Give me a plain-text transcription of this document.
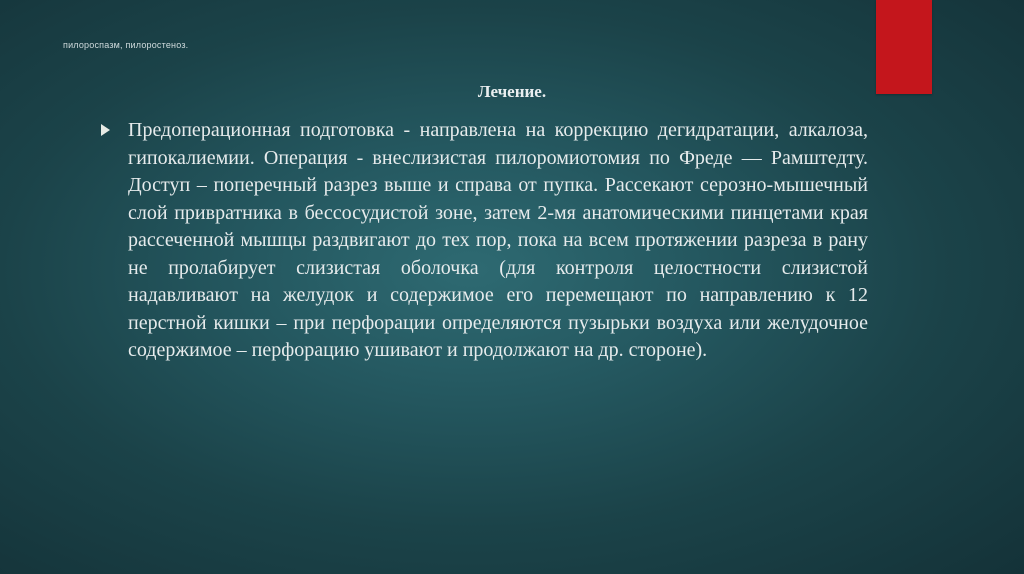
пилороспазм, пилоростеноз.
Лечение.

Предоперационная подготовка - направлена на коррекцию дегидратации, алкалоза, гипокалиемии. Операция - внеслизистая пилоромиотомия по Фреде — Рамштедту. Доступ – поперечный разрез выше и справа от пупка. Рассекают серозно-мышечный слой привратника в бессосудистой зоне, затем 2-мя анатомическими пинцетами края рассеченной мышцы раздвигают до тех пор, пока на всем протяжении разреза в рану не пролабирует слизистая оболочка (для контроля целостности слизистой надавливают на желудок и содержимое его перемещают по направлению к 12 перстной кишки – при перфорации определяются пузырьки воздуха или желудочное содержимое – перфорацию ушивают и продолжают на др. стороне).
